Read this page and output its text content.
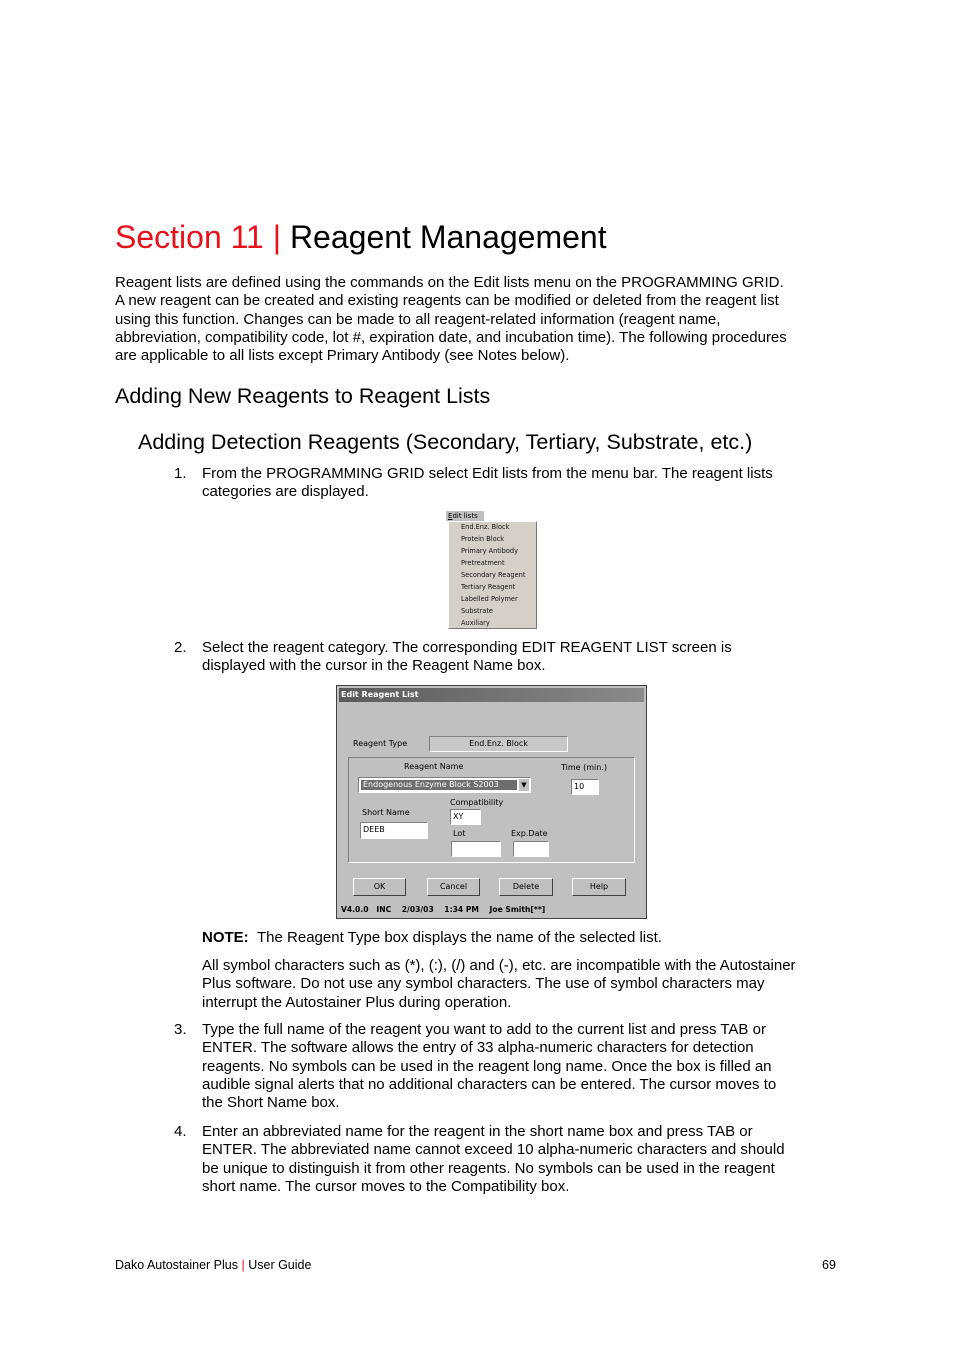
Section 11 | Reagent Management
Reagent lists are defined using the commands on the Edit lists menu on the PROGRAMMING GRID.
A new reagent can be created and existing reagents can be modified or deleted from the reagent list
using this function. Changes can be made to all reagent-related information (reagent name,
abbreviation, compatibility code, lot #, expiration date, and incubation time). The following procedures
are applicable to all lists except Primary Antibody (see Notes below).
Adding New Reagents to Reagent Lists
Adding Detection Reagents (Secondary, Tertiary, Substrate, etc.)
1. From the PROGRAMMING GRID select Edit lists from the menu bar. The reagent lists
categories are displayed.
Edit lists
End.Enz. Block
Protein Block
Primary Antibody
Pretreatment
Secondary Reagent
Tertiary Reagent
Labelled Polymer
Substrate
Auxiliary
2. Select the reagent category. The corresponding EDIT REAGENT LIST screen is
displayed with the cursor in the Reagent Name box.
Edit Reagent List
Reagent Type	End.Enz. Block
Reagent Name
Endogenous Enzyme Block S2003	▼
Time (min.)
10
Compatibility
XY
Short Name
DEEB	Lot	Exp.Date
OK	Cancel	Delete	Help
V4.0.0   INC    2/03/03    1:34 PM    Joe Smith[**]
NOTE: The Reagent Type box displays the name of the selected list.
All symbol characters such as (*), (:), (/) and (-), etc. are incompatible with the Autostainer
Plus software. Do not use any symbol characters. The use of symbol characters may
interrupt the Autostainer Plus during operation.
3. Type the full name of the reagent you want to add to the current list and press TAB or
ENTER. The software allows the entry of 33 alpha-numeric characters for detection
reagents. No symbols can be used in the reagent long name. Once the box is filled an
audible signal alerts that no additional characters can be entered. The cursor moves to
the Short Name box.
4. Enter an abbreviated name for the reagent in the short name box and press TAB or
ENTER. The abbreviated name cannot exceed 10 alpha-numeric characters and should
be unique to distinguish it from other reagents. No symbols can be used in the reagent
short name. The cursor moves to the Compatibility box.
Dako Autostainer Plus | User Guide	69
